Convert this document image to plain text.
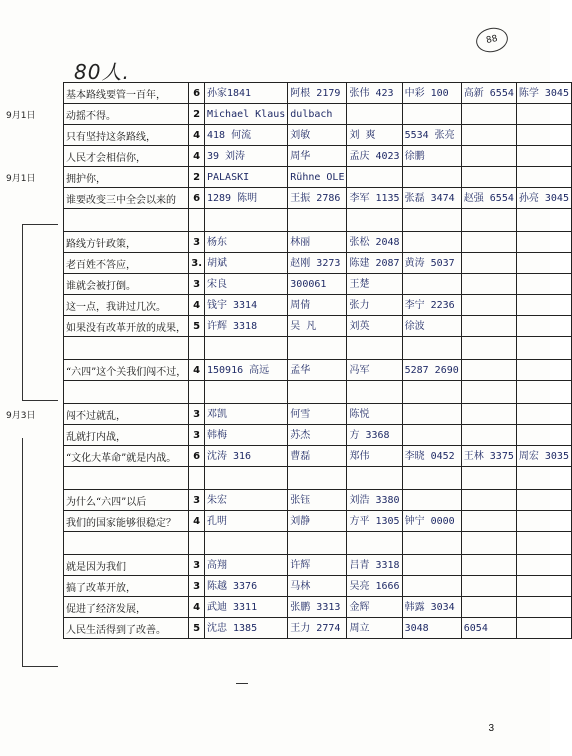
80人.
88
基本路线要管一百年，	6	孙家1841	阿根 2179	张伟 423	中彩 100	高新 6554	陈学 3045
动摇不得。	2	Michael Klaus	dulbach				
只有坚持这条路线，	4	418 何流	刘敏	刘 爽	5534 张亮		
人民才会相信你，	4	39 刘涛	周华	孟庆 4023	徐鹏		
拥护你，	2	PALASKI	Rühne OLE				
谁要改变三中全会以来的	6	1289 陈明	王振 2786	李军 1135	张磊 3474	赵强 6554	孙亮 3045

路线方针政策，	3	杨东	林丽	张松 2048			
老百姓不答应，	3.	胡斌	赵刚 3273	陈建 2087	黄涛 5037		
谁就会被打倒。	3	宋良	300061	王楚			
这一点，我讲过几次。	4	钱宇 3314	周倩	张力	李宁 2236		
如果没有改革开放的成果，	5	许辉 3318	吴 凡	刘英	徐波		

“六四”这个关我们闯不过，	4	150916 高远	孟华	冯军	5287 2690		

闯不过就乱，	3	邓凯	何雪	陈悦			
乱就打内战，	3	韩梅	苏杰	方 3368			
“文化大革命”就是内战。	6	沈涛 316	曹磊	郑伟	李晓 0452	王林 3375	周宏 3035

为什么“六四”以后	3	朱宏	张钰	刘浩 3380			
我们的国家能够很稳定？	4	孔明	刘静	方平 1305	钟宁 0000		

就是因为我们	3	高翔	许辉	吕青 3318			
搞了改革开放，	3	陈越 3376	马林	吴亮 1666			
促进了经济发展，	4	武迪 3311	张鹏 3313	金辉	韩露 3034		
人民生活得到了改善。	5	沈忠 1385	王力 2774	周立	3048	6054	
3
9月1日
9月1日
9月3日
